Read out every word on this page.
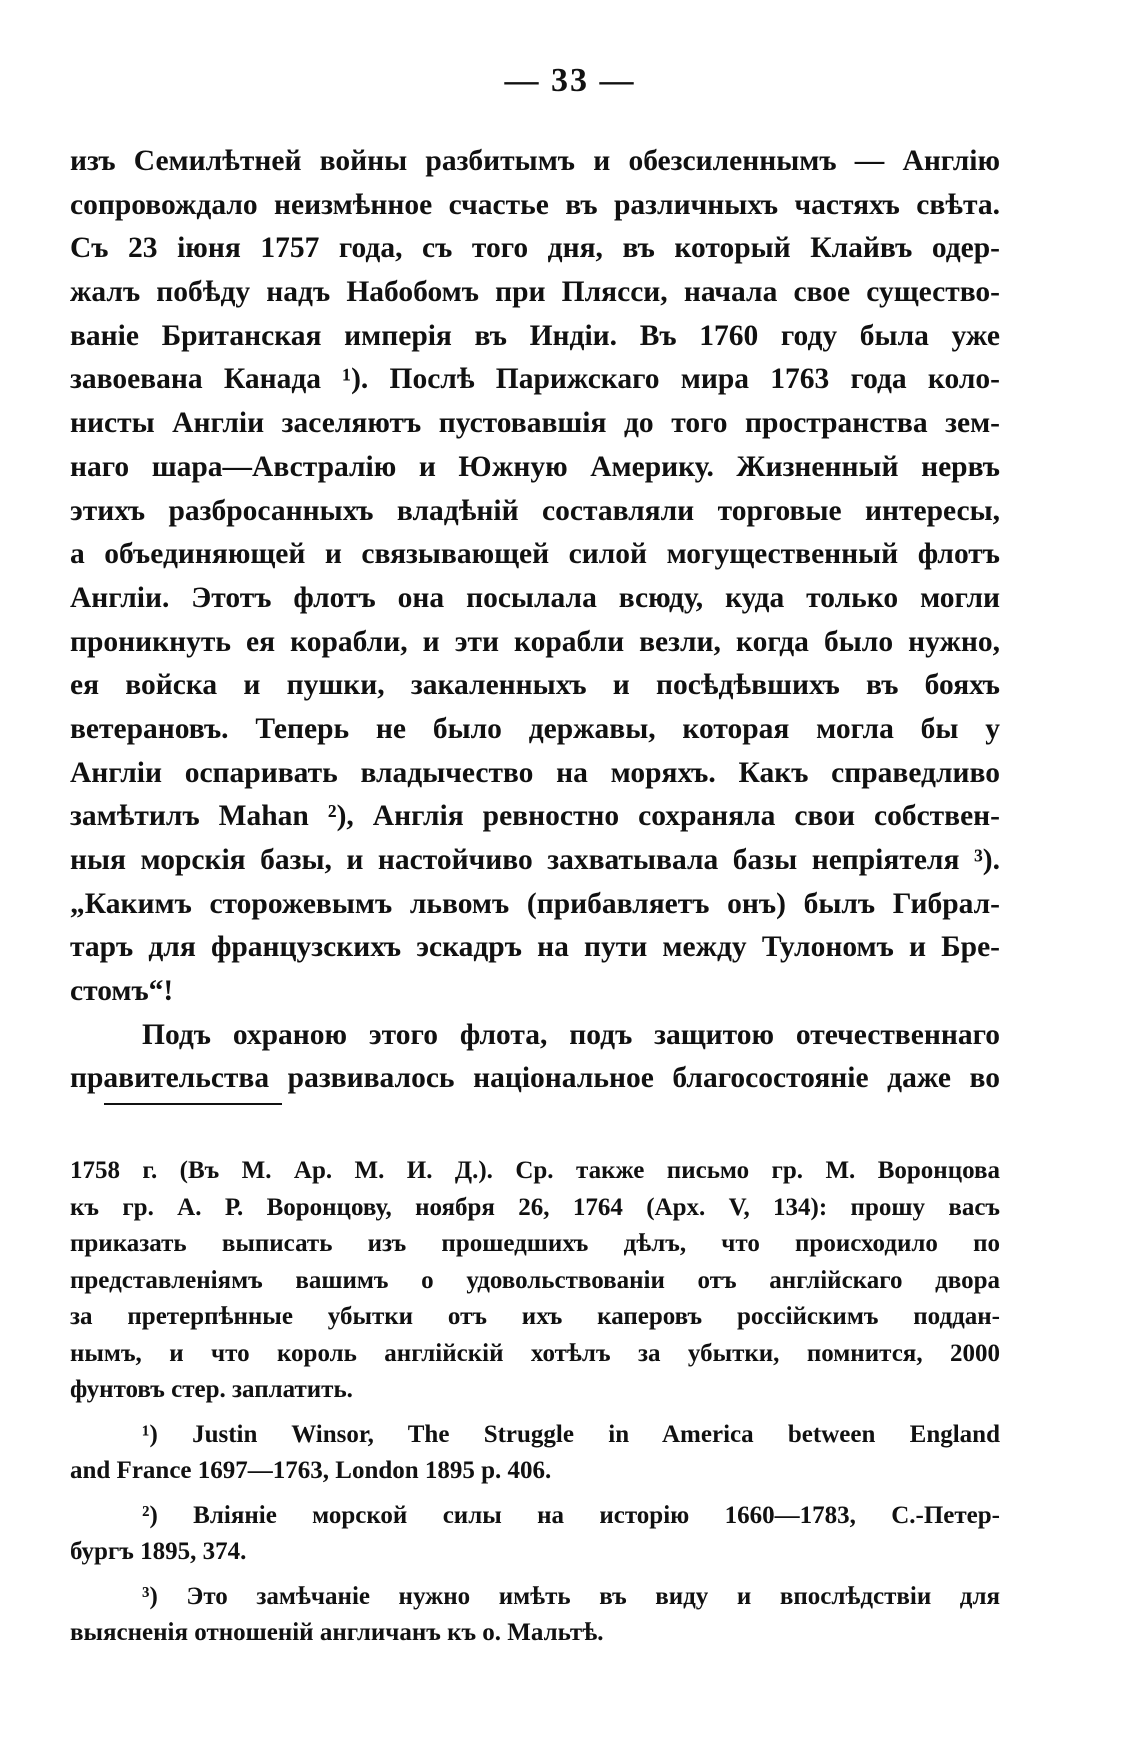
— 33 —
изъ Семилѣтней войны разбитымъ и обезсиленнымъ — Англію
сопровождало неизмѣнное счастье въ различныхъ частяхъ свѣта.
Съ 23 іюня 1757 года, съ того дня, въ который Клайвъ одер-
жалъ побѣду надъ Набобомъ при Плясси, начала свое существо-
ваніе Британская имперія въ Индіи. Въ 1760 году была уже
завоевана Канада ¹). Послѣ Парижскаго мира 1763 года коло-
нисты Англіи заселяютъ пустовавшія до того пространства зем-
наго шара—Австралію и Южную Америку. Жизненный нервъ
этихъ разбросанныхъ владѣній составляли торговые интересы,
а объединяющей и связывающей силой могущественный флотъ
Англіи. Этотъ флотъ она посылала всюду, куда только могли
проникнуть ея корабли, и эти корабли везли, когда было нужно,
ея войска и пушки, закаленныхъ и посѣдѣвшихъ въ бояхъ
ветерановъ. Теперь не было державы, которая могла бы у
Англіи оспаривать владычество на моряхъ. Какъ справедливо
замѣтилъ Mahan ²), Англія ревностно сохраняла свои собствен-
ныя морскія базы, и настойчиво захватывала базы непріятеля ³).
„Какимъ сторожевымъ львомъ (прибавляетъ онъ) былъ Гибрал-
таръ для французскихъ эскадръ на пути между Тулономъ и Бре-
стомъ“!
Подъ охраною этого флота, подъ защитою отечественнаго
правительства развивалось національное благосостояніе даже во
1758 г. (Въ М. Ар. М. И. Д.). Ср. также письмо гр. М. Воронцова
къ гр. А. Р. Воронцову, ноября 26, 1764 (Арх. V, 134): прошу васъ
приказать выписать изъ прошедшихъ дѣлъ, что происходило по
представленіямъ вашимъ о удовольствованіи отъ англійскаго двора
за претерпѣнные убытки отъ ихъ каперовъ россійскимъ поддан-
нымъ, и что король англійскій хотѣлъ за убытки, помнится, 2000
фунтовъ стер. заплатить.
¹) Justin Winsor, The Struggle in America between England
and France 1697—1763, London 1895 p. 406.
²) Вліяніе морской силы на исторію 1660—1783, С.-Петер-
бургъ 1895, 374.
³) Это замѣчаніе нужно имѣть въ виду и впослѣдствіи для
выясненія отношеній англичанъ къ о. Мальтѣ.
